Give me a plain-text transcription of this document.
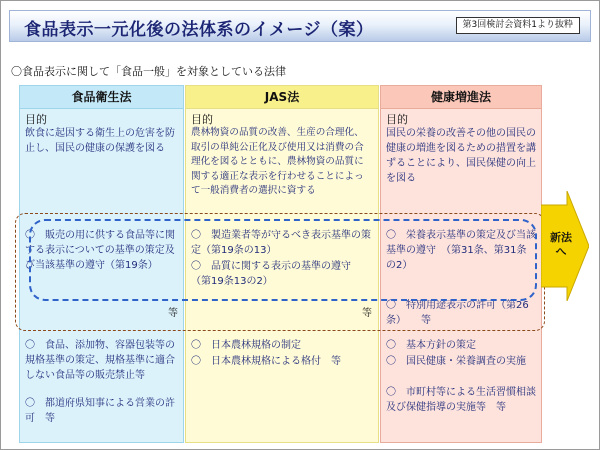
食品表示一元化後の法体系のイメージ（案）	第3回検討会資料1より抜粋
〇食品表示に関して「食品一般」を対象としている法律
食品衛生法
目的
飲食に起因する衛生上の危害を防止し、国民の健康の保護を図る
〇　販売の用に供する食品等に関する表示についての基準の策定及び当該基準の遵守（第19条）
等
〇　食品、添加物、容器包装等の規格基準の策定、規格基準に適合しない食品等の販売禁止等
〇　都道府県知事による営業の許可　等
JAS法
目的
農林物資の品質の改善、生産の合理化、取引の単純公正化及び使用又は消費の合理化を図るとともに、農林物資の品質に関する適正な表示を行わせることによって一般消費者の選択に資する
〇　製造業者等が守るべき表示基準の策定（第19条の13）
〇　品質に関する表示の基準の遵守　（第19条13の2）
等
〇　日本農林規格の制定
〇　日本農林規格による格付　等
健康増進法
目的
国民の栄養の改善その他の国民の健康の増進を図るための措置を講ずることにより、国民保健の向上を図る
〇　栄養表示基準の策定及び当該基準の遵守　（第31条、第31条の2）
〇　特別用途表示の許可（第26条）　　等
〇　基本方針の策定
〇　国民健康・栄養調査の実施
〇　市町村等による生活習慣相談及び保健指導の実施等　等
新法へ
